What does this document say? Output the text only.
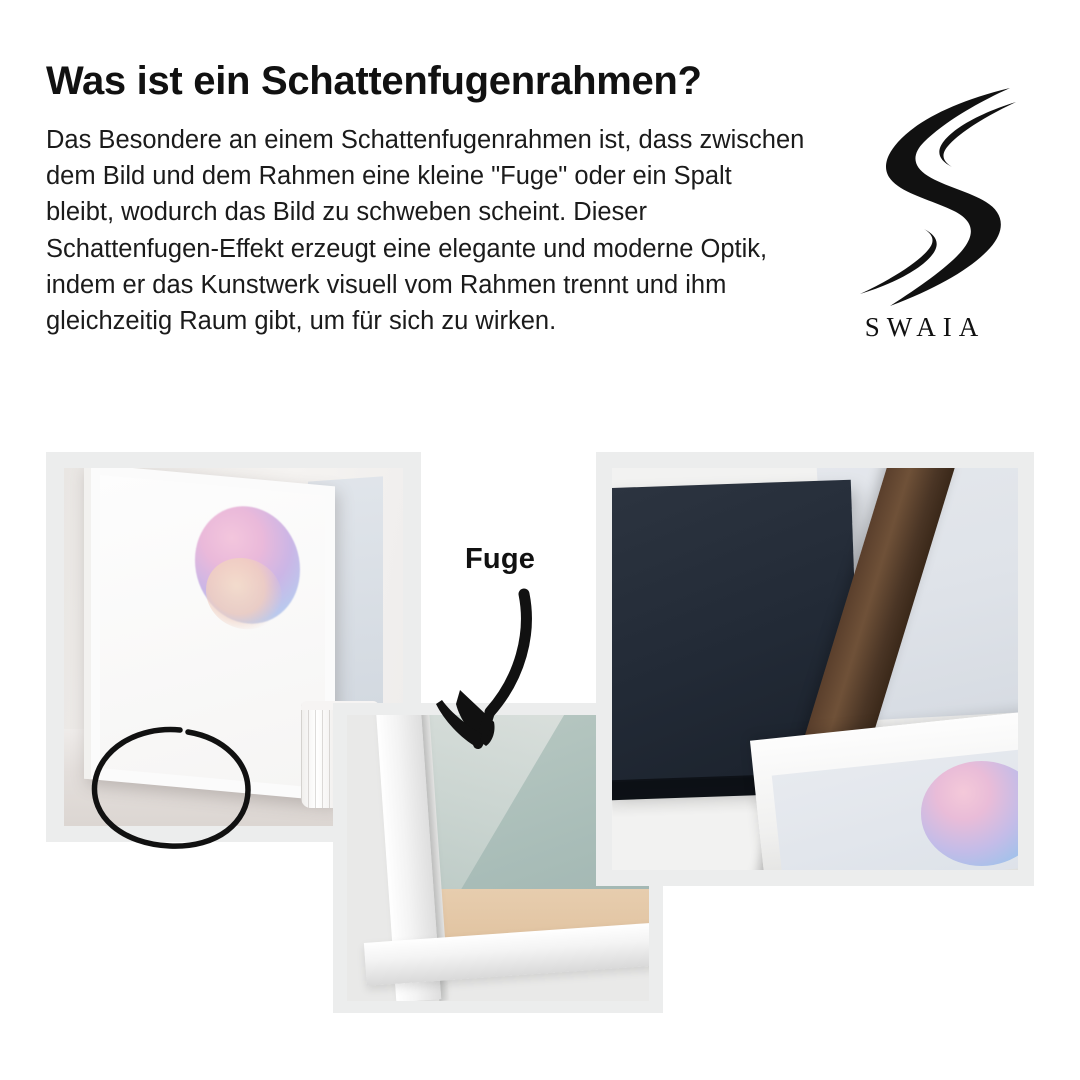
Was ist ein Schattenfugenrahmen?
Das Besondere an einem Schattenfugenrahmen ist, dass zwischen dem Bild und dem Rahmen eine kleine "Fuge" oder ein Spalt bleibt, wodurch das Bild zu schweben scheint. Dieser Schattenfugen-Effekt erzeugt eine elegante und moderne Optik, indem er das Kunstwerk visuell vom Rahmen trennt und ihm gleichzeitig Raum gibt, um für sich zu wirken.	SWAIA
Fuge
